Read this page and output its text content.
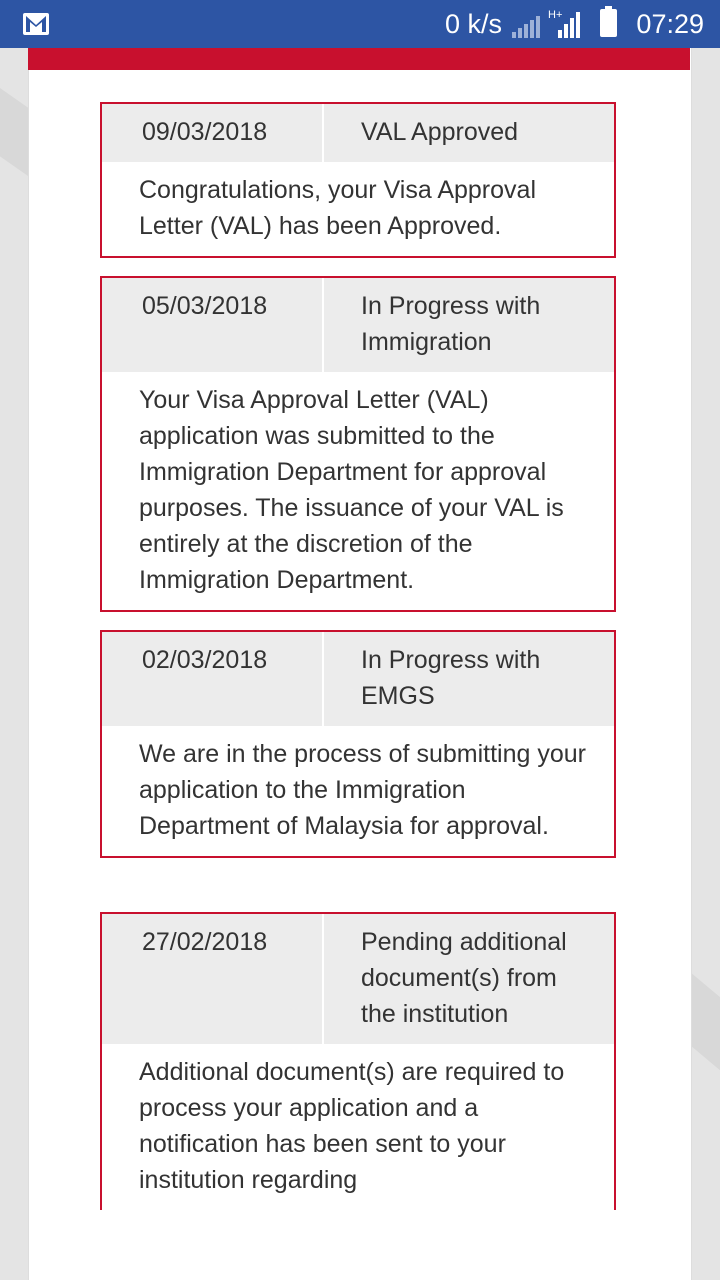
0 k/s	H+	07:29
09/03/2018	VAL Approved
Congratulations, your Visa Approval Letter (VAL) has been Approved.
05/03/2018	In Progress with Immigration
Your Visa Approval Letter (VAL) application was submitted to the Immigration Department for approval purposes. The issuance of your VAL is entirely at the discretion of the Immigration Department.
02/03/2018	In Progress with EMGS
We are in the process of submitting your application to the Immigration Department of Malaysia for approval.
27/02/2018	Pending additional document(s) from the institution
Additional document(s) are required to process your application and a notification has been sent to your institution regarding
